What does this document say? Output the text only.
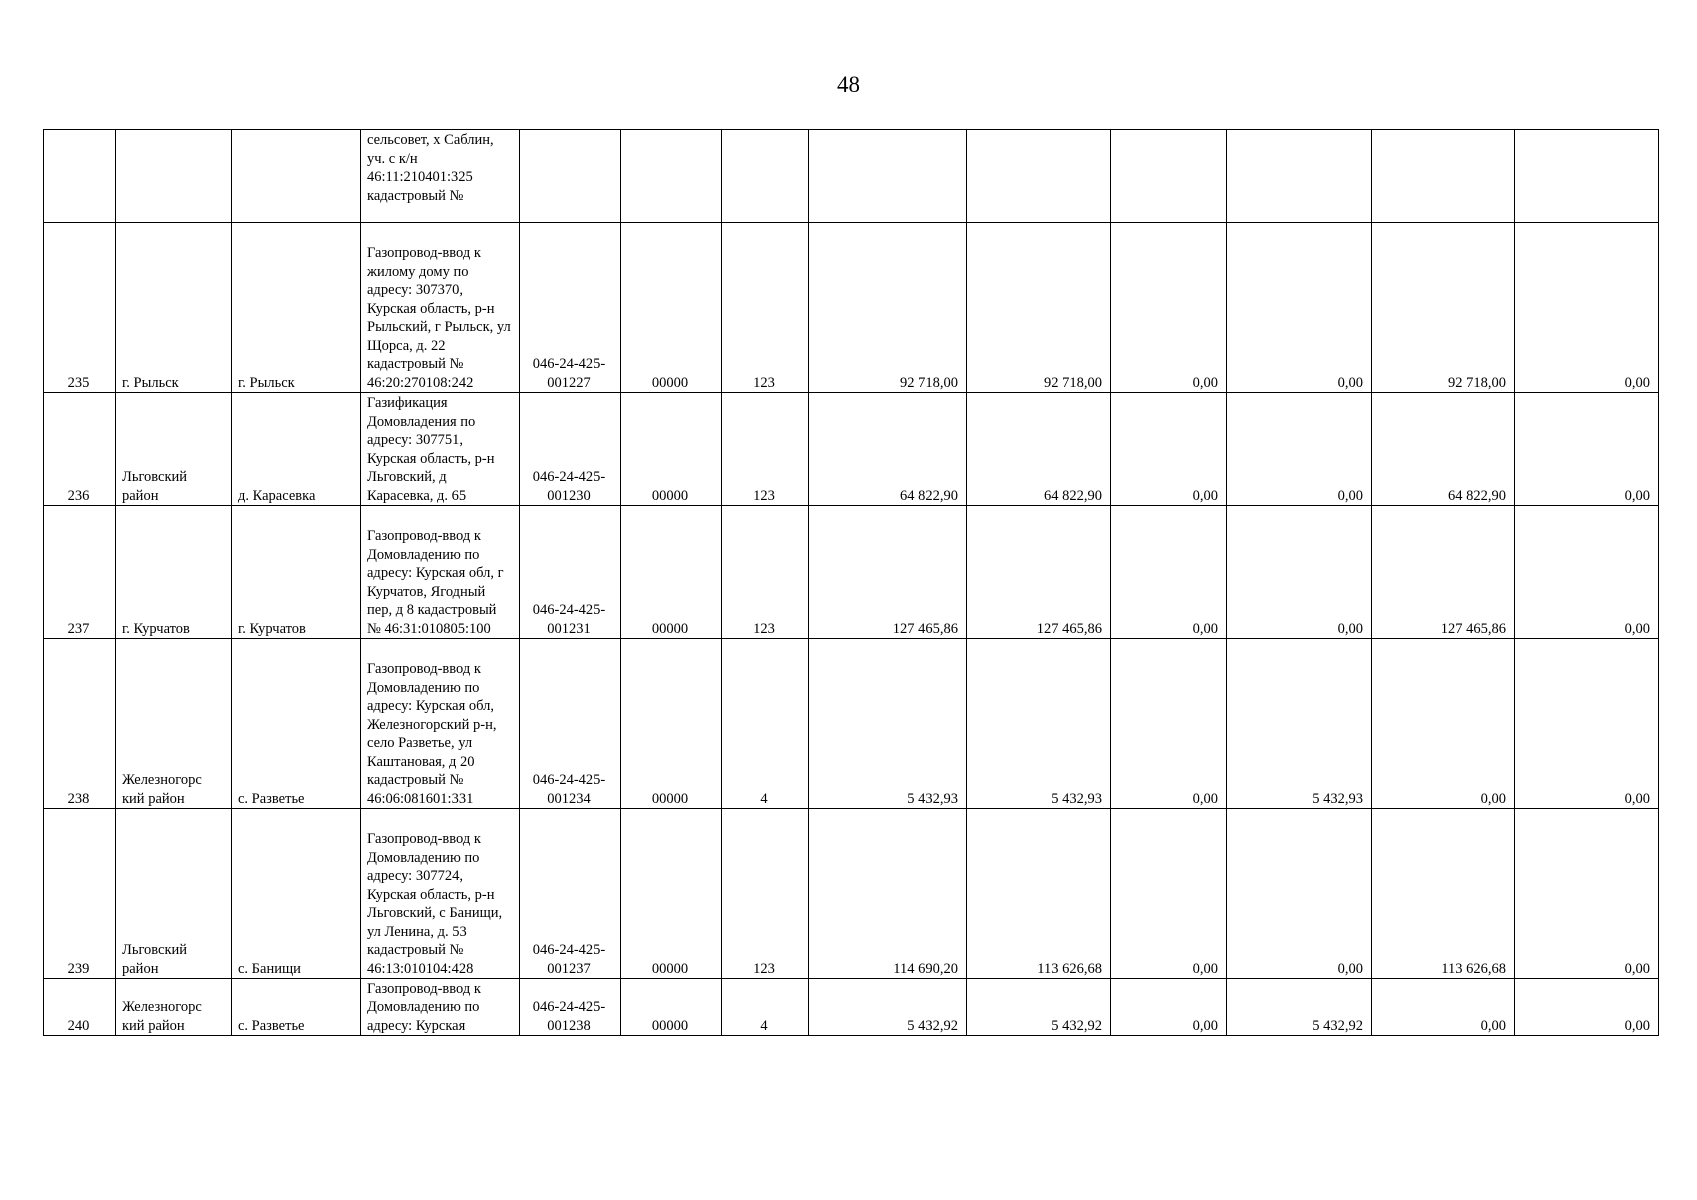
48
			сельсовет, х Саблин, уч. с к/н 46:11:210401:325 кадастровый №									
235	г. Рыльск	г. Рыльск	Газопровод-ввод к жилому дому по адресу: 307370, Курская область, р-н Рыльский, г Рыльск, ул Щорса, д. 22 кадастровый № 46:20:270108:242	046-24-425-001227	00000	123	92 718,00	92 718,00	0,00	0,00	92 718,00	0,00
236	Льговский район	д. Карасевка	Газификация Домовладения по адресу: 307751, Курская область, р-н Льговский, д Карасевка, д. 65	046-24-425-001230	00000	123	64 822,90	64 822,90	0,00	0,00	64 822,90	0,00
237	г. Курчатов	г. Курчатов	Газопровод-ввод к Домовладению по адресу: Курская обл, г Курчатов, Ягодный пер, д 8 кадастровый № 46:31:010805:100	046-24-425-001231	00000	123	127 465,86	127 465,86	0,00	0,00	127 465,86	0,00
238	Железногорс кий район	с. Разветье	Газопровод-ввод к Домовладению по адресу: Курская обл, Железногорский р-н, село Разветье, ул Каштановая, д 20 кадастровый № 46:06:081601:331	046-24-425-001234	00000	4	5 432,93	5 432,93	0,00	5 432,93	0,00	0,00
239	Льговский район	с. Банищи	Газопровод-ввод к Домовладению по адресу: 307724, Курская область, р-н Льговский, с Банищи, ул Ленина, д. 53 кадастровый № 46:13:010104:428	046-24-425-001237	00000	123	114 690,20	113 626,68	0,00	0,00	113 626,68	0,00
240	Железногорс кий район	с. Разветье	Газопровод-ввод к Домовладению по адресу: Курская	046-24-425-001238	00000	4	5 432,92	5 432,92	0,00	5 432,92	0,00	0,00
